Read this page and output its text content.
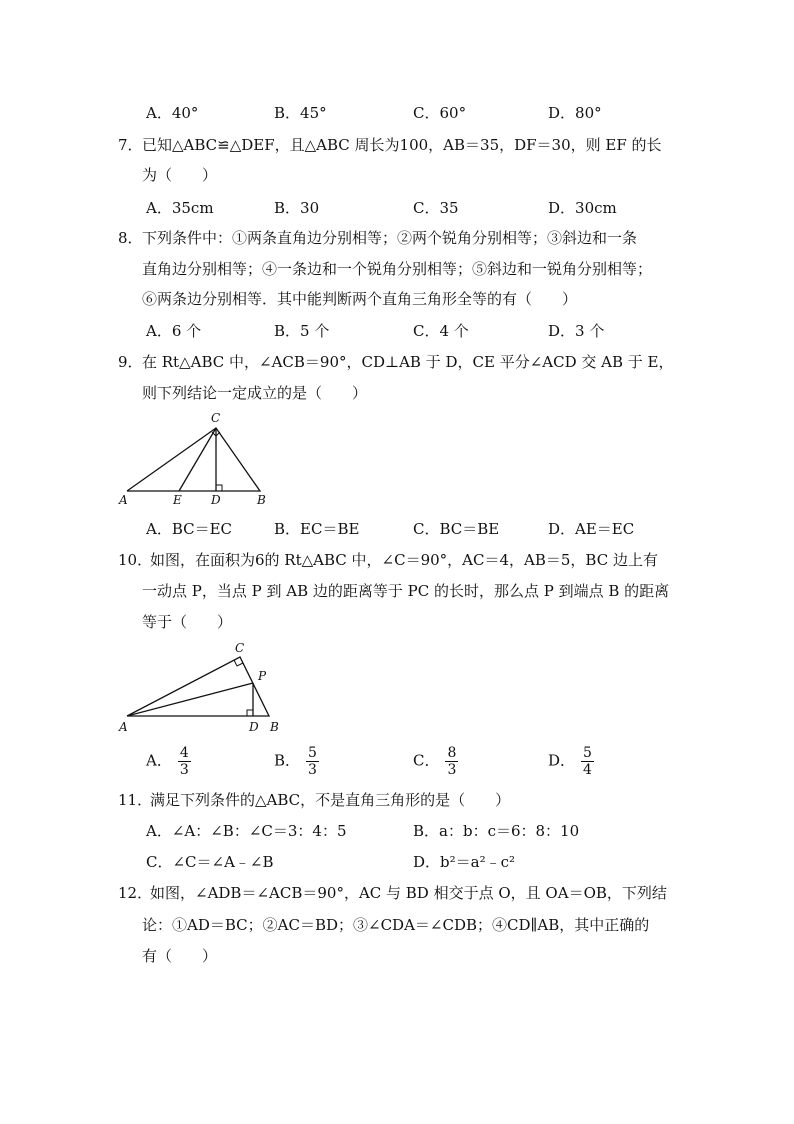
A．40°	B．45°	C．60°	D．80°
7． 已知△ABC≌△DEF，且△ABC 周长为100，AB＝35，DF＝30，则 EF 的长
为（　　）
A．35cm	B．30	C．35	D．30cm
8． 下列条件中：①两条直角边分别相等；②两个锐角分别相等；③斜边和一条
直角边分别相等；④一条边和一个锐角分别相等；⑤斜边和一锐角分别相等；
⑥两条边分别相等．其中能判断两个直角三角形全等的有（　　）
A．6 个	B．5 个	C．4 个	D．3 个
9． 在 Rt△ABC 中，∠ACB＝90°，CD⊥AB 于 D，CE 平分∠ACD 交 AB 于 E，
则下列结论一定成立的是（　　）
C
A	E D	B
A．BC＝EC	B．EC＝BE	C．BC＝BE	D．AE＝EC
10．
如图，在面积为6的 Rt△ABC 中，∠C＝90°，AC＝4，AB＝5，BC 边上有
一动点 P，当点 P 到 AB 边的距离等于 PC 的长时，那么点 P 到端点 B 的距离
等于（　　）
C
P
A	D B
A． $\frac{4}{3}$	B． $\frac{5}{3}$	C． $\frac{8}{3}$	D． $\frac{5}{4}$
11．
满足下列条件的△ABC，不是直角三角形的是（　　）
A．∠A：∠B：∠C＝3：4：5	B．a：b：c＝6：8：10
C．∠C＝∠A﹣∠B	D．b²＝a²﹣c²
12．
如图，∠ADB＝∠ACB＝90°，AC 与 BD 相交于点 O，且 OA＝OB，下列结
论：①AD＝BC；②AC＝BD；③∠CDA＝∠CDB；④CD∥AB，其中正确的
有（　　）
